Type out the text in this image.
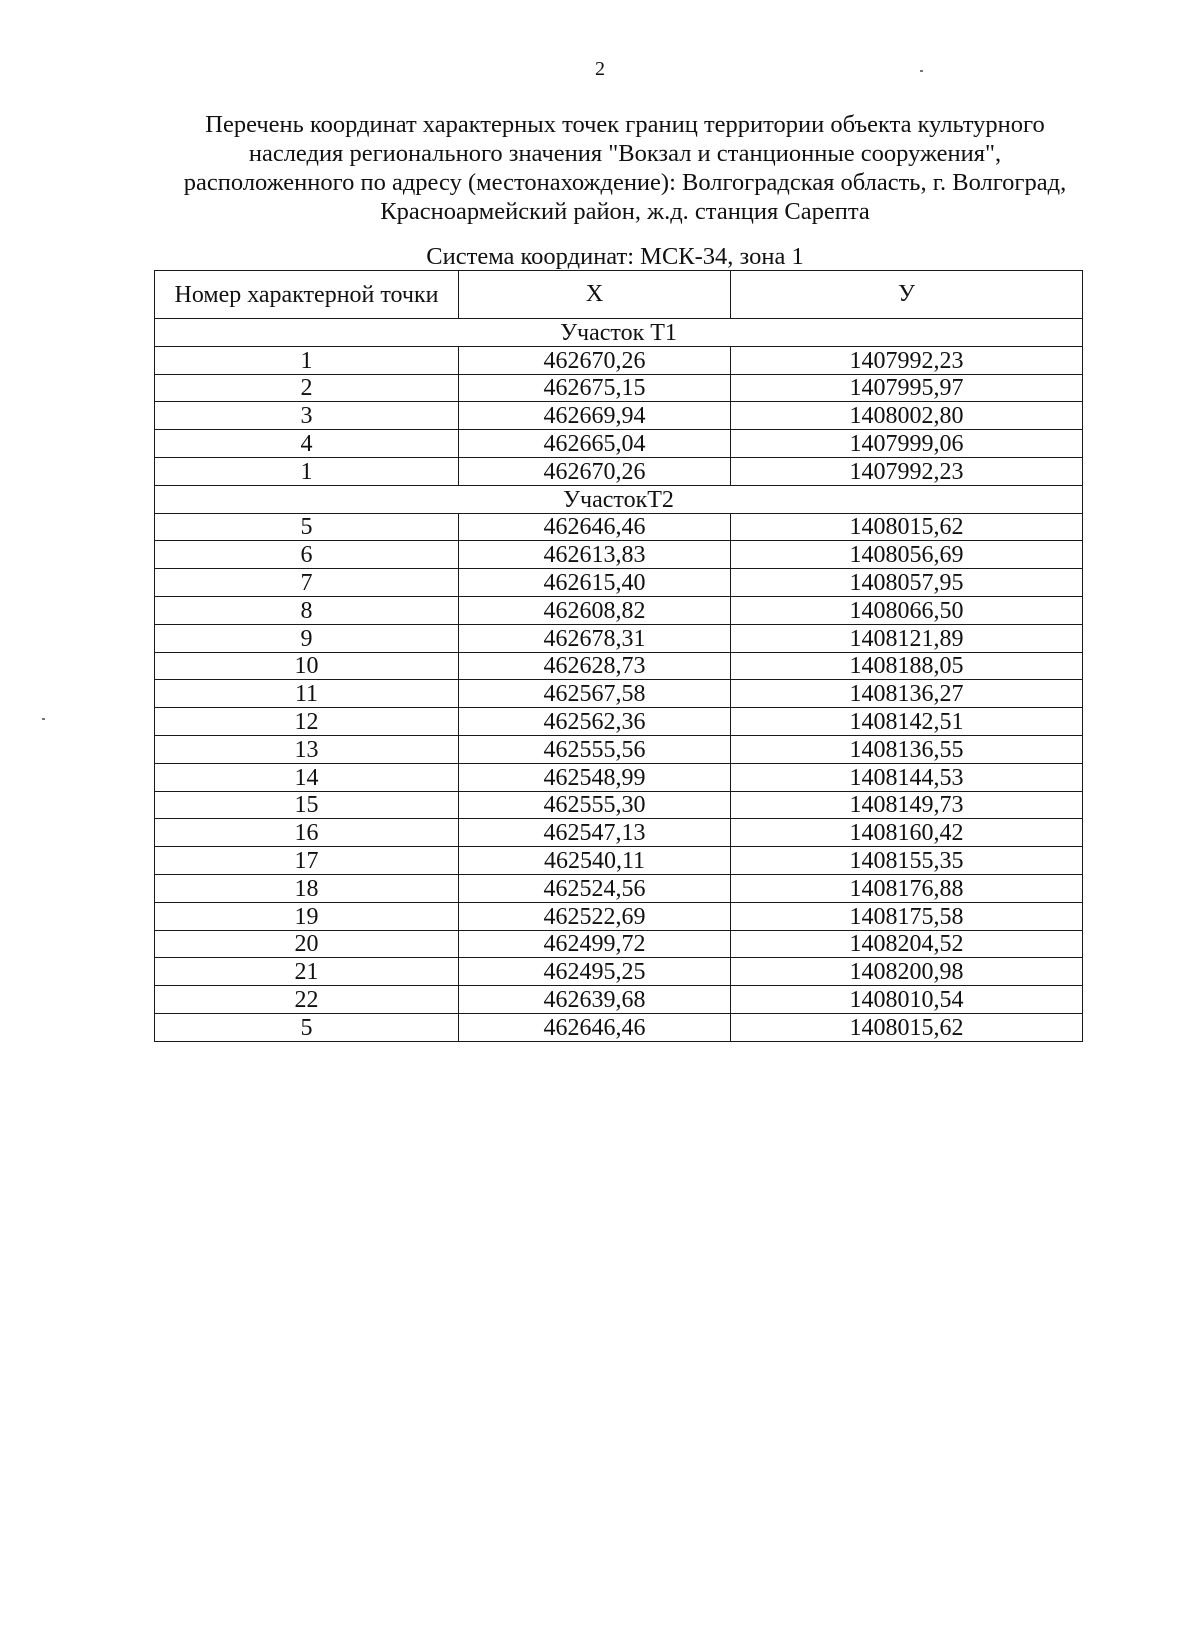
2
Перечень координат характерных точек границ территории объекта культурного наследия регионального значения "Вокзал и станционные сооружения", расположенного по адресу (местонахождение): Волгоградская область, г. Волгоград, Красноармейский район, ж.д. станция Сарепта
Система координат: МСК-34, зона 1
Номер характерной точки	X	У
Участок Т1		
1	462670,26	1407992,23
2	462675,15	1407995,97
3	462669,94	1408002,80
4	462665,04	1407999,06
1	462670,26	1407992,23
УчастокТ2		
5	462646,46	1408015,62
6	462613,83	1408056,69
7	462615,40	1408057,95
8	462608,82	1408066,50
9	462678,31	1408121,89
10	462628,73	1408188,05
11	462567,58	1408136,27
12	462562,36	1408142,51
13	462555,56	1408136,55
14	462548,99	1408144,53
15	462555,30	1408149,73
16	462547,13	1408160,42
17	462540,11	1408155,35
18	462524,56	1408176,88
19	462522,69	1408175,58
20	462499,72	1408204,52
21	462495,25	1408200,98
22	462639,68	1408010,54
5	462646,46	1408015,62
